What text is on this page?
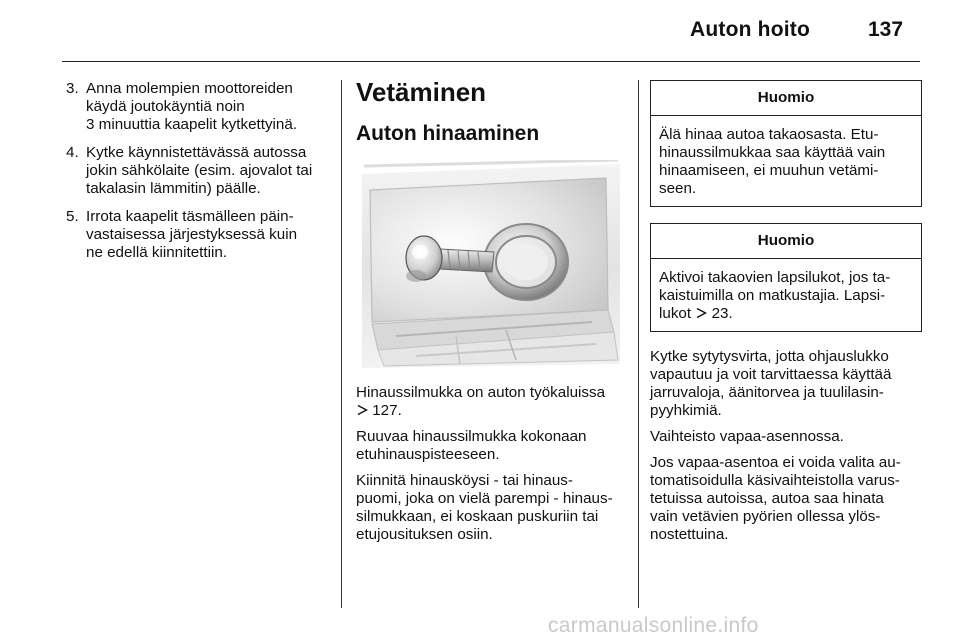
Auton hoito	137
3. Anna molempien moottoreiden
käydä joutokäyntiä noin
3 minuuttia kaapelit kytkettyinä.
4. Kytke käynnistettävässä autossa
jokin sähkölaite (esim. ajovalot tai
takalasin lämmitin) päälle.
5. Irrota kaapelit täsmälleen päin-
vastaisessa järjestyksessä kuin
ne edellä kiinnitettiin.
Vetäminen
Auton hinaaminen

Hinaussilmukka on auton työkaluissa
127.

Ruuvaa hinaussilmukka kokonaan
etuhinauspisteeseen.

Kiinnitä hinausköysi - tai hinaus-
puomi, joka on vielä parempi - hinaus-
silmukkaan, ei koskaan puskuriin tai
etujousituksen osiin.

Huomio
Älä hinaa autoa takaosasta. Etu-
hinaussilmukkaa saa käyttää vain
hinaamiseen, ei muuhun vetämi-
seen.
Huomio
Aktivoi takaovien lapsilukot, jos ta-
kaistuimilla on matkustajia. Lapsi-
lukot 23.

Kytke sytytysvirta, jotta ohjauslukko
vapautuu ja voit tarvittaessa käyttää
jarruvaloja, äänitorvea ja tuulilasin-
pyyhkimiä.

Vaihteisto vapaa-asennossa.

Jos vapaa-asentoa ei voida valita au-
tomatisoidulla käsivaihteistolla varus-
tetuissa autoissa, autoa saa hinata
vain vetävien pyörien ollessa ylös-
nostettuina.

carmanualsonline.info
